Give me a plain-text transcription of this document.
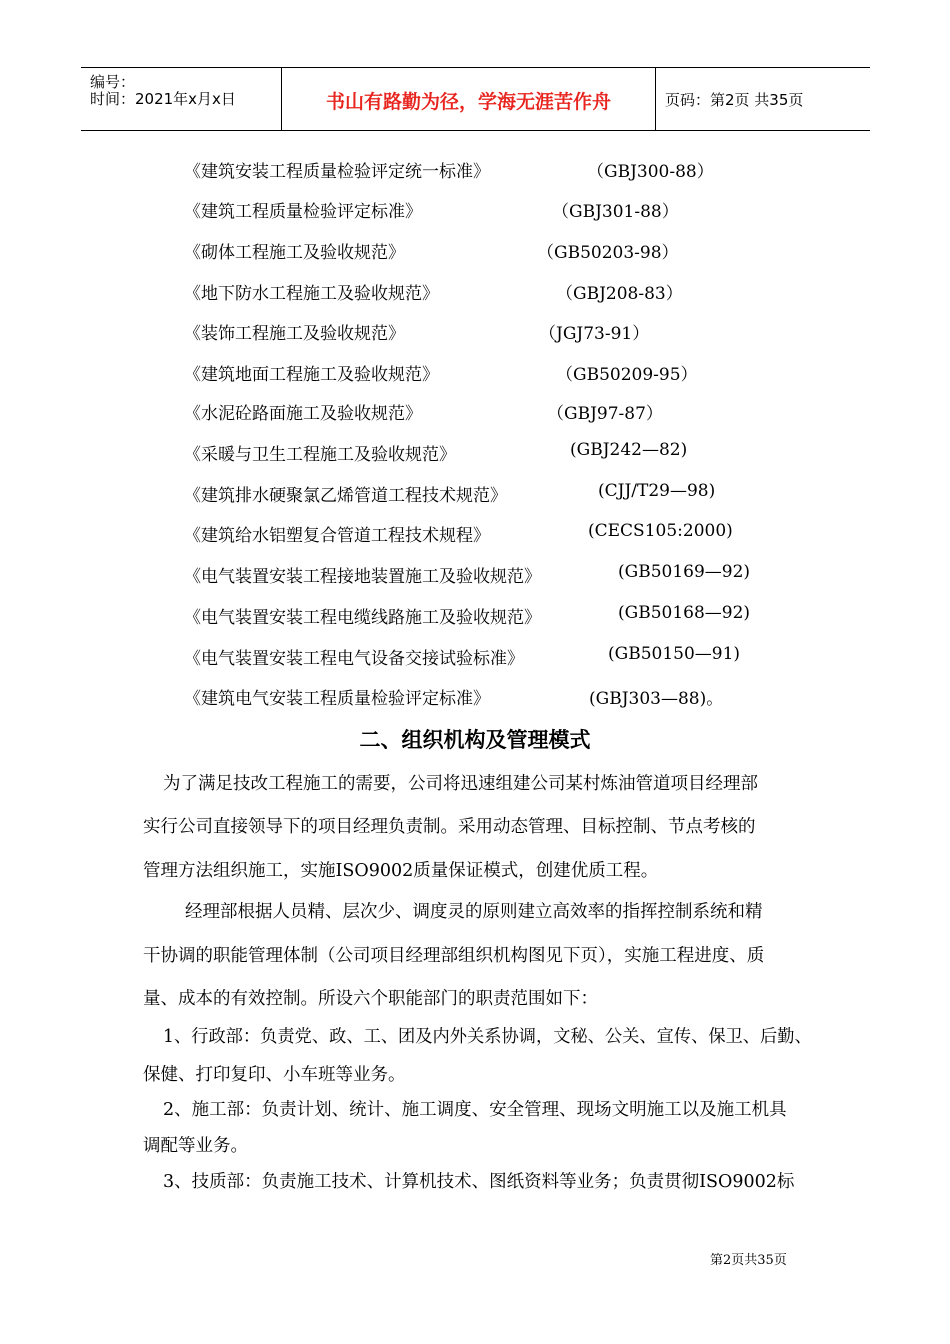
编号：
时间：2021年x月x日	书山有路勤为径，学海无涯苦作舟	页码：第2页 共35页
《建筑安装工程质量检验评定统一标准》	（GBJ300-88）
《建筑工程质量检验评定标准》	（GBJ301-88）
《砌体工程施工及验收规范》	（GB50203-98）
《地下防水工程施工及验收规范》	（GBJ208-83）
《装饰工程施工及验收规范》	（JGJ73-91）
《建筑地面工程施工及验收规范》	（GB50209-95）
《水泥砼路面施工及验收规范》	（GBJ97-87）
《采暖与卫生工程施工及验收规范》	(GBJ242—82)
《建筑排水硬聚氯乙烯管道工程技术规范》	(CJJ/T29—98)
《建筑给水铝塑复合管道工程技术规程》	(CECS105:2000)
《电气装置安装工程接地装置施工及验收规范》	(GB50169—92)
《电气装置安装工程电缆线路施工及验收规范》	(GB50168—92)
《电气装置安装工程电气设备交接试验标准》	(GB50150—91)
《建筑电气安装工程质量检验评定标准》	(GBJ303—88)。
二、组织机构及管理模式
为了满足技改工程施工的需要，公司将迅速组建公司某村炼油管道项目经理部
实行公司直接领导下的项目经理负责制。采用动态管理、目标控制、节点考核的
管理方法组织施工，实施ISO9002质量保证模式，创建优质工程。
经理部根据人员精、层次少、调度灵的原则建立高效率的指挥控制系统和精
干协调的职能管理体制（公司项目经理部组织机构图见下页），实施工程进度、质
量、成本的有效控制。所设六个职能部门的职责范围如下：
1、行政部：负责党、政、工、团及内外关系协调，文秘、公关、宣传、保卫、后勤、
保健、打印复印、小车班等业务。
2、施工部：负责计划、统计、施工调度、安全管理、现场文明施工以及施工机具
调配等业务。
3、技质部：负责施工技术、计算机技术、图纸资料等业务；负责贯彻ISO9002标
第2页共35页
